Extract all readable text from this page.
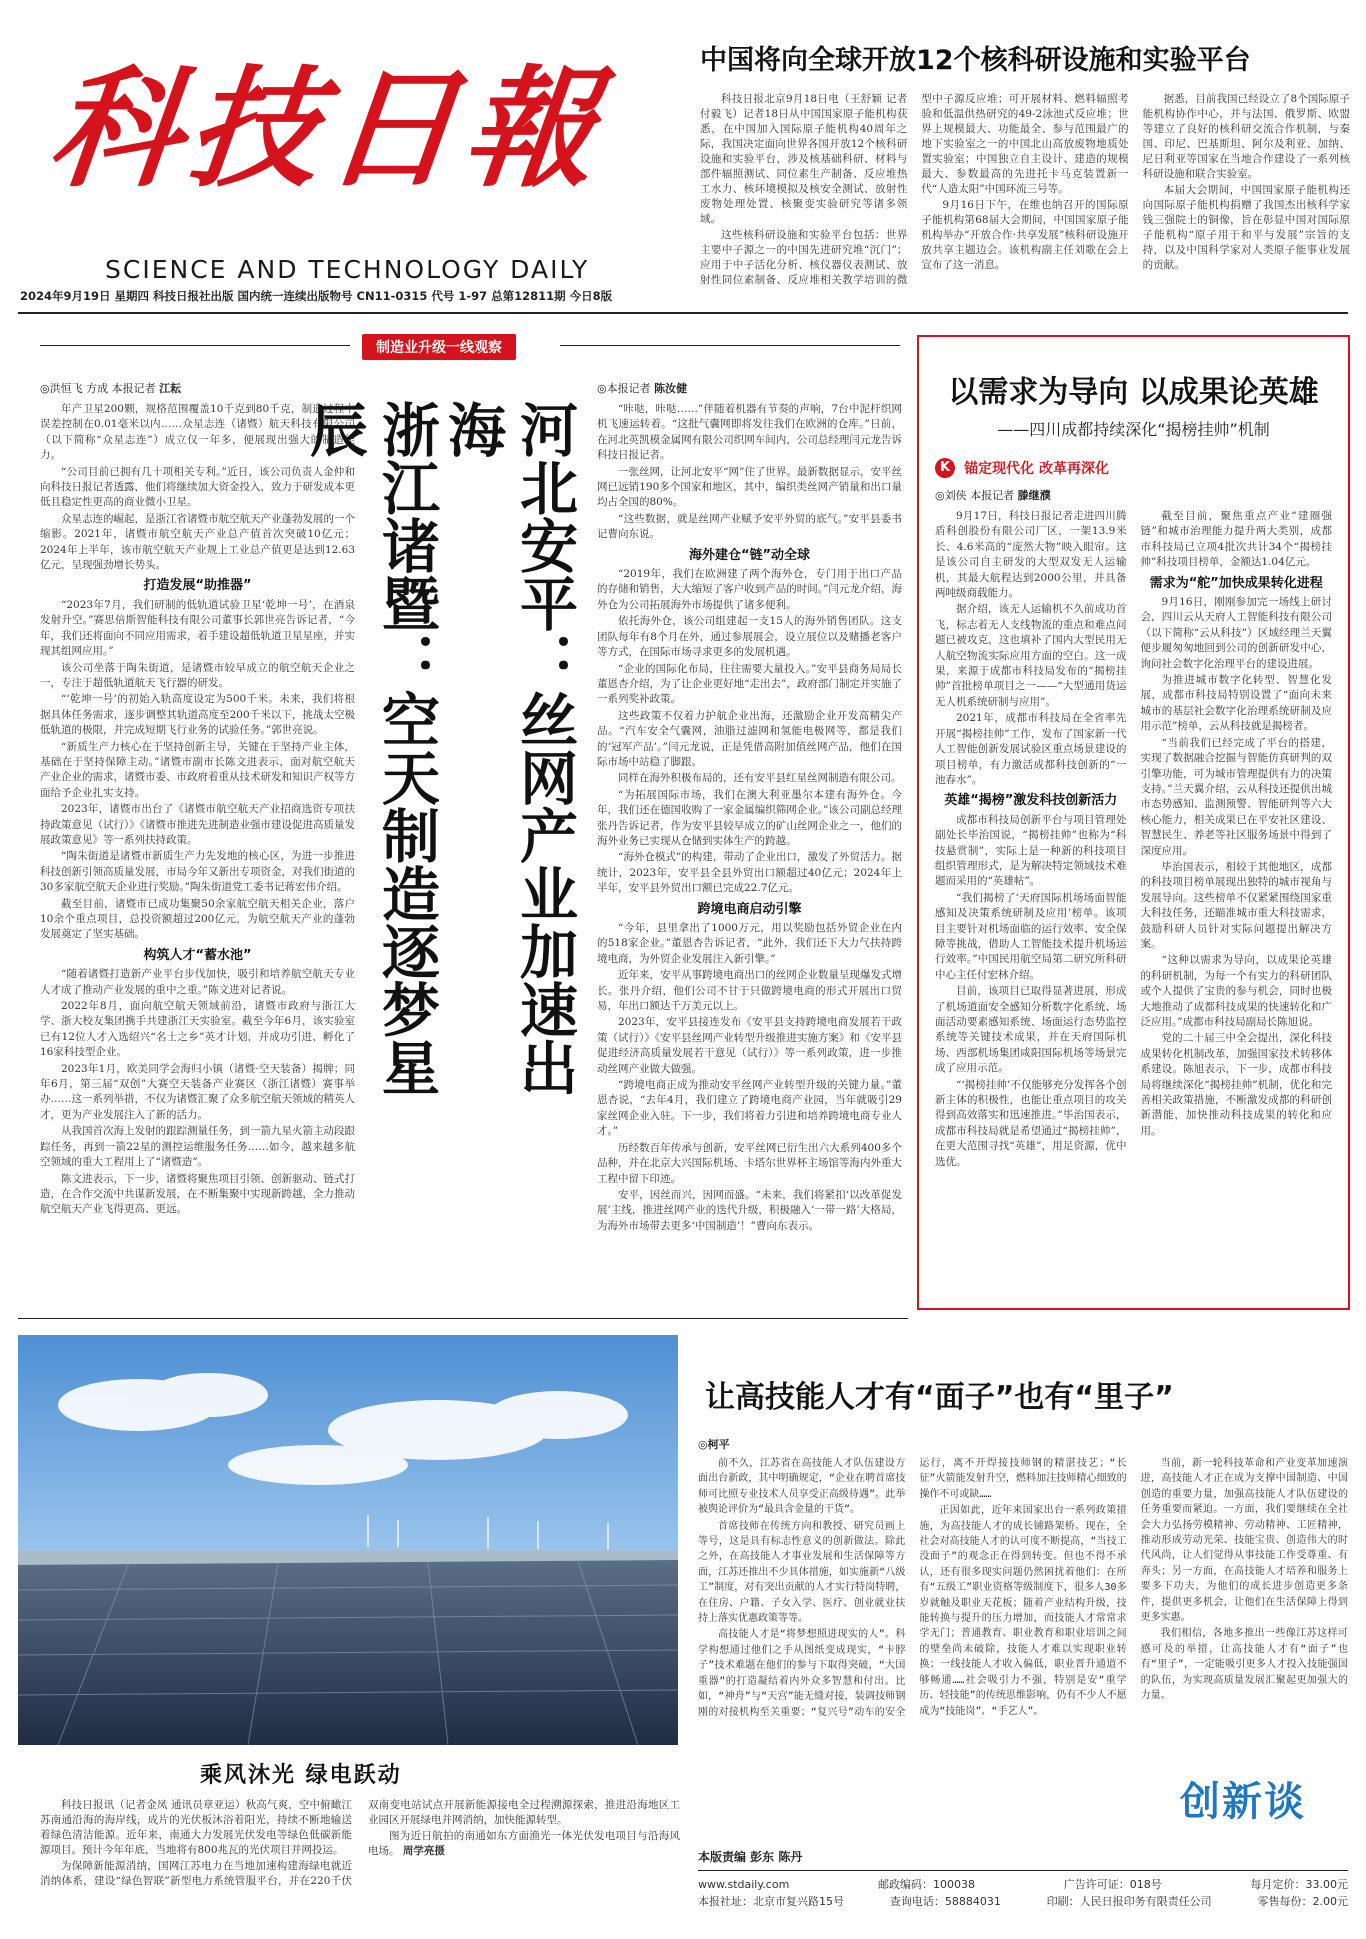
科技日報
SCIENCE AND TECHNOLOGY DAILY
2024年9月19日 星期四 科技日报社出版 国内统一连续出版物号 CN11-0315 代号 1-97 总第12811期 今日8版
中国将向全球开放12个核科研设施和实验平台

科技日报北京9月18日电（王舒颖 记者付毅飞）记者18日从中国国家原子能机构获悉，在中国加入国际原子能机构40周年之际，我国决定面向世界各国开放12个核科研设施和实验平台，涉及核基础科研、材料与部件辐照测试、同位素生产制备、反应堆热工水力、核环境模拟及核安全测试、放射性废物处理处置、核聚变实验研究等诸多领域。

这些核科研设施和实验平台包括：世界主要中子源之一的中国先进研究堆“沉门”；应用于中子活化分析、核仪器仪表测试、放射性同位素制备、反应堆相关教学培训的微型中子源反应堆；可开展材料、燃料辐照考验和低温供热研究的49-2泳池式反应堆；世界上规模最大、功能最全、参与范围最广的地下实验室之一的中国北山高放废物地质处置实验室；中国独立自主设计、建造的规模最大、参数最高的先进托卡马克装置新一代“人造太阳”中国环流三号等。

9月16日下午，在维也纳召开的国际原子能机构第68届大会期间，中国国家原子能机构举办“开放合作·共享发展”核科研设施开放共享主题边会。该机构副主任刘歌在会上宣布了这一消息。

据悉，目前我国已经设立了8个国际原子能机构协作中心，并与法国、俄罗斯、欧盟等建立了良好的核科研交流合作机制，与秦国、印尼、巴基斯坦、阿尔及利亚、加纳、尼日利亚等国家在当地合作建设了一系列核科研设施和联合实验室。

本届大会期间，中国国家原子能机构还向国际原子能机构捐赠了我国杰出核科学家钱三强院士的铜像，旨在彰显中国对国际原子能机构“原子用于和平与发展”宗旨的支持，以及中国科学家对人类原子能事业发展的贡献。

制造业升级一线观察
◎洪恒飞 方成 本报记者 江耘

年产卫星200颗，规格范围覆盖10千克到80千克，制造过程中误差控制在0.01毫米以内……众星志连（诸暨）航天科技有限公司（以下简称“众星志连”）成立仅一年多，便展现出强大的制造能力。

“公司目前已拥有几十项相关专利。”近日，该公司负责人金仲和向科技日报记者透露，他们将继续加大资金投入，致力于研发成本更低且稳定性更高的商业微小卫星。

众星志连的崛起，是浙江省诸暨市航空航天产业蓬勃发展的一个缩影。2021年，诸暨市航空航天产业总产值首次突破10亿元；2024年上半年，该市航空航天产业规上工业总产值更是达到12.63亿元，呈现强劲增长势头。

打造发展“助推器”

“2023年7月，我们研制的低轨道试验卫星‘乾坤一号’，在酒泉发射升空。”赛思倍斯智能科技有限公司董事长郭世亮告诉记者，“今年，我们还将面向不同应用需求，着手建设超低轨道卫星星座，并实现其组网应用。”

该公司坐落于陶朱街道，是诸暨市较早成立的航空航天企业之一，专注于超低轨道航天飞行器的研发。

“‘乾坤一号’的初始入轨高度设定为500千米。未来，我们将根据具体任务需求，逐步调整其轨道高度至200千米以下，挑战太空极低轨道的极限，并完成短期飞行业务的试验任务。”郭世亮说。

“新质生产力核心在于坚持创新主导，关键在于坚持产业主体，基础在于坚持保障主动。”诸暨市副市长陈文进表示，面对航空航天产业企业的需求，诸暨市委、市政府着重从技术研发和知识产权等方面给予企业扎实支持。

2023年，诸暨市出台了《诸暨市航空航天产业招商选资专项扶持政策意见（试行）》《诸暨市推进先进制造业强市建设促进高质量发展政策意见》等一系列扶持政策。

“陶朱街道是诸暨市新质生产力先发地的核心区，为进一步推进科技创新引领高质量发展，市局今年又新出专项资金，对我们街道的30多家航空航天企业进行奖励。”陶朱街道党工委书记蒋宏伟介绍。

截至目前，诸暨市已成功集聚50余家航空航天相关企业，落户10余个重点项目，总投资额超过200亿元，为航空航天产业的蓬勃发展奠定了坚实基础。

构筑人才“蓄水池”

“随着诸暨打造新产业平台步伐加快，吸引和培养航空航天专业人才成了推动产业发展的重中之重。”陈文进对记者说。

2022年8月，面向航空航天领域前沿，诸暨市政府与浙江大学、浙大校友集团携手共建浙江天实验室。截至今年6月，该实验室已有12位人才入选绍兴“名士之乡”英才计划，并成功引进、孵化了16家科技型企业。

2023年1月，欧美同学会海归小镇（诸暨·空天装备）揭牌；同年6月，第三届“双创”大赛空天装备产业赛区（浙江诸暨）赛事举办……这一系列举措，不仅为诸暨汇聚了众多航空航天领域的精英人才，更为产业发展注入了新的活力。

从我国首次海上发射的跟踪测量任务，到一箭九星火箭主动段跟踪任务，再到一箭22星的测控运维服务任务……如今，越来越多航空领域的重大工程用上了“诸暨造”。

陈文进表示，下一步，诸暨将聚焦项目引领、创新驱动、链式打造，在合作交流中共谋新发展，在不断集聚中实现新跨越，全力推动航空航天产业飞得更高、更远。

浙江诸暨：空天制造逐梦星辰	河北安平：丝网产业加速出海
◎本报记者 陈汝健

“咔哒，咔哒……”伴随着机器有节奏的声响，7台中泥杆织网机飞速运转着。“这批气囊网即将发往我们在欧洲的仓库。”日前，在河北英凯模金属网有限公司织网车间内，公司总经理闫元龙告诉科技日报记者。

一张丝网，让河北安平“网”住了世界。最新数据显示，安平丝网已远销190多个国家和地区，其中，编织类丝网产销量和出口量均占全国的80%。

“这些数据，就是丝网产业赋予安平外贸的底气。”安平县委书记曹向东说。

海外建仓“链”动全球

“2019年，我们在欧洲建了两个海外仓，专门用于出口产品的存储和销售，大大缩短了客户收到产品的时间。”闫元龙介绍，海外仓为公司拓展海外市场提供了诸多便利。

依托海外仓，该公司组建起一支15人的海外销售团队。这支团队每年有8个月在外，通过参展展会，设立展位以及赌播老客户等方式，在国际市场寻求更多的发展机遇。

“企业的国际化布局，往往需要大量投入。”安平县商务局局长董恩杏介绍，为了让企业更好地“走出去”，政府部门制定并实施了一系列奖补政策。

这些政策不仅着力护航企业出海，还激励企业开发高精尖产品。“汽车安全气囊网，油脂过滤网和氢能电极网等，都是我们的‘冠军产品’。”闫元龙说，正是凭借高附加值丝网产品，他们在国际市场中站稳了脚跟。

同样在海外积极布局的，还有安平县红星丝网制造有限公司。

“为拓展国际市场，我们在澳大利亚墨尔本建有海外仓。今年，我们还在德国收购了一家金属编织筛网企业。”该公司副总经理张丹告诉记者，作为安平县较早成立的矿山丝网企业之一，他们的海外业务已实现从仓储到实体生产的跨越。

“海外仓模式”的构建，带动了企业出口，激发了外贸活力。据统计，2023年，安平县全县外贸出口额超过40亿元；2024年上半年，安平县外贸出口额已完成22.7亿元。

跨境电商启动引擎

“今年，县里拿出了1000万元，用以奖励包括外贸企业在内的518家企业。”董恩杏告诉记者，“此外，我们还下大力气扶持跨境电商，为外贸企业发展注入新引擎。”

近年来，安平从事跨境电商出口的丝网企业数量呈现爆发式增长。张丹介绍，他们公司不甘于只做跨境电商的形式开展出口贸易，年出口额达千万美元以上。

2023年，安平县接连发布《安平县支持跨境电商发展若干政策（试行）》《安平县丝网产业转型升级推进实施方案》和《安平县促进经济高质量发展若干意见（试行）》等一系列政策，进一步推动丝网产业做大做强。

“跨境电商正成为推动安平丝网产业转型升级的关键力量。”董恩杏说，“去年4月，我们建立了跨境电商产业园，当年就吸引29家丝网企业入驻。下一步，我们将着力引进和培养跨境电商专业人才。”

历经数百年传承与创新，安平丝网已衍生出六大系列400多个品种，并在北京大兴国际机场、卡塔尔世界杯主场馆等海内外重大工程中留下印迹。

安平，因丝而兴，因网而盛。“未来，我们将紧扣‘以改革促发展’主线，推进丝网产业的迭代升级，积极融入‘一带一路’大格局，为海外市场带去更多‘中国制造’！”曹向东表示。

以需求为导向 以成果论英雄
——四川成都持续深化“揭榜挂帅”机制
K 锚定现代化 改革再深化
◎刘侠 本报记者 滕继濮

9月17日，科技日报记者走进四川腾盾科创股份有限公司厂区，一架13.9米长、4.6米高的“庞然大物”映入眼帘。这是该公司自主研发的大型双发无人运输机，其最大航程达到2000公里，并具备两吨级商载能力。

据介绍，该无人运输机不久前成功首飞，标志着无人支线物流的重点和难点问题已被攻克，这也填补了国内大型民用无人航空物流实际应用方面的空白。这一成果，来源于成都市科技局发布的“揭榜挂帅”首批榜单项目之一——“大型通用货运无人机系统研制与应用”。

2021年，成都市科技局在全省率先开展“揭榜挂帅”工作，发布了国家新一代人工智能创新发展试验区重点场景建设的项目榜单，有力激活成都科技创新的“一池春水”。

英雄“揭榜”激发科技创新活力

成都市科技局创新平台与项目管理处副处长毕治国说，“揭榜挂帅”也称为“科技悬赏制”，实际上是一种新的科技项目组织管理形式，是为解决特定领域技术难题而采用的“英雄帖”。

“我们揭榜了‘天府国际机场场面智能感知及决策系统研制及应用’榜单。该项目主要针对机场面临的运行效率、安全保障等挑战，借助人工智能技术提升机场运行效率。”中国民用航空局第二研究所科研中心主任付宏林介绍。

目前，该项目已取得显著进展，形成了机场道面安全感知分析数字化系统、场面活动要素感知系统、场面运行态势监控系统等关键技术成果，并在天府国际机场、西部机场集团咸阳国际机场等场景完成了应用示范。

“‘揭榜挂帅’不仅能够充分发挥各个创新主体的积极性，也能让重点项目的攻关得到高效落实和迅速推进。”毕治国表示，成都市科技局就是希望通过“揭榜挂帅”，在更大范围寻找“英雄”，用足资源，优中选优。

截至目前，聚焦重点产业“建圈强链”和城市治理能力提升两大类别，成都市科技局已立项4批次共计34个“揭榜挂帅”科技项目榜单，金额达1.04亿元。

需求为“舵”加快成果转化进程

9月16日，刚刚参加完一场线上研讨会，四川云从天府人工智能科技有限公司（以下简称“云从科技”）区域经理兰天翼便步履匆匆地回到公司的创新研发中心，询问社会数字化治理平台的建设进展。

为推进城市数字化转型、智慧化发展，成都市科技局特别设置了“面向未来城市的基层社会数字化治理系统研制及应用示范”榜单，云从科技就是揭榜者。

“当前我们已经完成了平台的搭建，实现了数据融合挖掘与智能仿真研判的双引擎功能，可为城市管理提供有力的决策支持。”兰天翼介绍，云从科技还提供出城市态势感知、监测预警、智能研判等六大核心能力，相关成果已在平安社区建设、智慧民生、养老等社区服务场景中得到了深度应用。

毕治国表示，相较于其他地区，成都的科技项目榜单展现出独特的城市视角与发展导向。这些榜单不仅紧紧围绕国家重大科技任务，还瞄准城市重大科技需求，鼓励科研人员针对实际问题提出解决方案。

“这种以需求为导向，以成果论英雄的科研机制，为每一个有实力的科研团队或个人提供了宝贵的参与机会，同时也极大地推动了成都科技成果的快速转化和广泛应用。”成都市科技局副局长陈旭说。

党的二十届三中全会提出，深化科技成果转化机制改革，加强国家技术转移体系建设。陈旭表示，下一步，成都市科技局将继续深化“揭榜挂帅”机制，优化和完善相关政策措施，不断激发成都的科研创新潜能，加快推动科技成果的转化和应用。

乘风沐光 绿电跃动

科技日报讯（记者金凤 通讯员章亚运）秋高气爽，空中俯瞰江苏南通沿海的海岸线，成片的光伏板沐浴着阳光，持续不断地输送着绿色清洁能源。近年来，南通大力发展光伏发电等绿色低碳新能源项目。预计今年年底，当地将有800兆瓦的光伏项目并网投运。

为保障新能源消纳，国网江苏电力在当地加速构建海绿电就近消纳体系，建设“绿色智联”新型电力系统管服平台，并在220千伏双南变电站试点开展新能源接电全过程溯源探索，推进沿海地区工业园区开展绿电并网消纳，加快能源转型。

图为近日航拍的南通如东方面渔光一体光伏发电项目与沿海风电场。 周学亮摄

让高技能人才有“面子”也有“里子”
◎柯平

前不久，江苏省在高技能人才队伍建设方面出台新政，其中明确规定，“企业在聘首席技师可比照专业技术人员享受正高级待遇”。此举被舆论评价为“最具含金量的干货”。

首席技师在传统方向和教授、研究员画上等号，这是具有标志性意义的创新做法。除此之外，在高技能人才事业发展和生活保障等方面，江苏还推出不少具体措施，如实施新“八级工”制度，对有突出贡献的人才实行特岗特聘，在住房、户籍、子女入学、医疗、创业就业扶持上落实优惠政策等等。

高技能人才是“将梦想照进现实的人”。科学构想通过他们之手从图纸变成现实，“卡脖子”技术难题在他们的参与下取得突破，“大国重器”的打造凝结着内外众多智慧和付出。比如，“神舟”与“天宫”能无缝对接，装调技师钢刚的对接机构至关重要；“复兴号”动车的安全运行，离不开焊接技师钢的精湛技艺；“长征”火箭能发射升空，燃料加注技师精心细致的操作不可或缺……

正因如此，近年来国家出台一系列政策措施，为高技能人才的成长铺路架桥。现在，全社会对高技能人才的认可度不断提高，“当技工没面子”的观念正在得到转变。但也不得不承认，还有很多现实问题仍然困扰着他们：在所有“五级工”职业资格等级制度下，很多人30多岁就触及职业天花板；随着产业结构升级，技能转换与提升的压力增加，而技能人才常常求学无门；普通教育、职业教育和职业培训之间的壁垒尚未破除，技能人才难以实现职业转换；一线技能人才收入偏低，职业晋升通道不够畅通……社会吸引力不强，特别是安“重学历、轻技能”的传统思维影响，仍有不少人不愿成为“技能岗”、“手艺人”。

当前，新一轮科技革命和产业变革加速演进，高技能人才正在成为支撑中国制造、中国创造的重要力量，加强高技能人才队伍建设的任务重要而紧迫。一方面，我们要继续在全社会大力弘扬劳模精神、劳动精神、工匠精神，推动形成劳动光荣、技能宝贵、创造伟大的时代风尚，让人们觉得从事技能工作受尊重、有奔头；另一方面，在高技能人才培养和服务上要多下功夫，为他们的成长进步创造更多条件，提供更多机会，让他们在生活保障上得到更多实惠。

我们相信，各地多推出一些像江苏这样可感可及的举措，让高技能人才有“面子”也有“里子”，一定能吸引更多人才投入技能强国的队伍，为实现高质量发展汇聚起更加强大的力量。

创新谈
本版责编 彭东 陈丹
www.stdaily.com	邮政编码：100038	广告许可证：018号	每月定价：33.00元
本报社址：北京市复兴路15号	查询电话：58884031	印刷：人民日报印务有限责任公司	零售每份：2.00元
